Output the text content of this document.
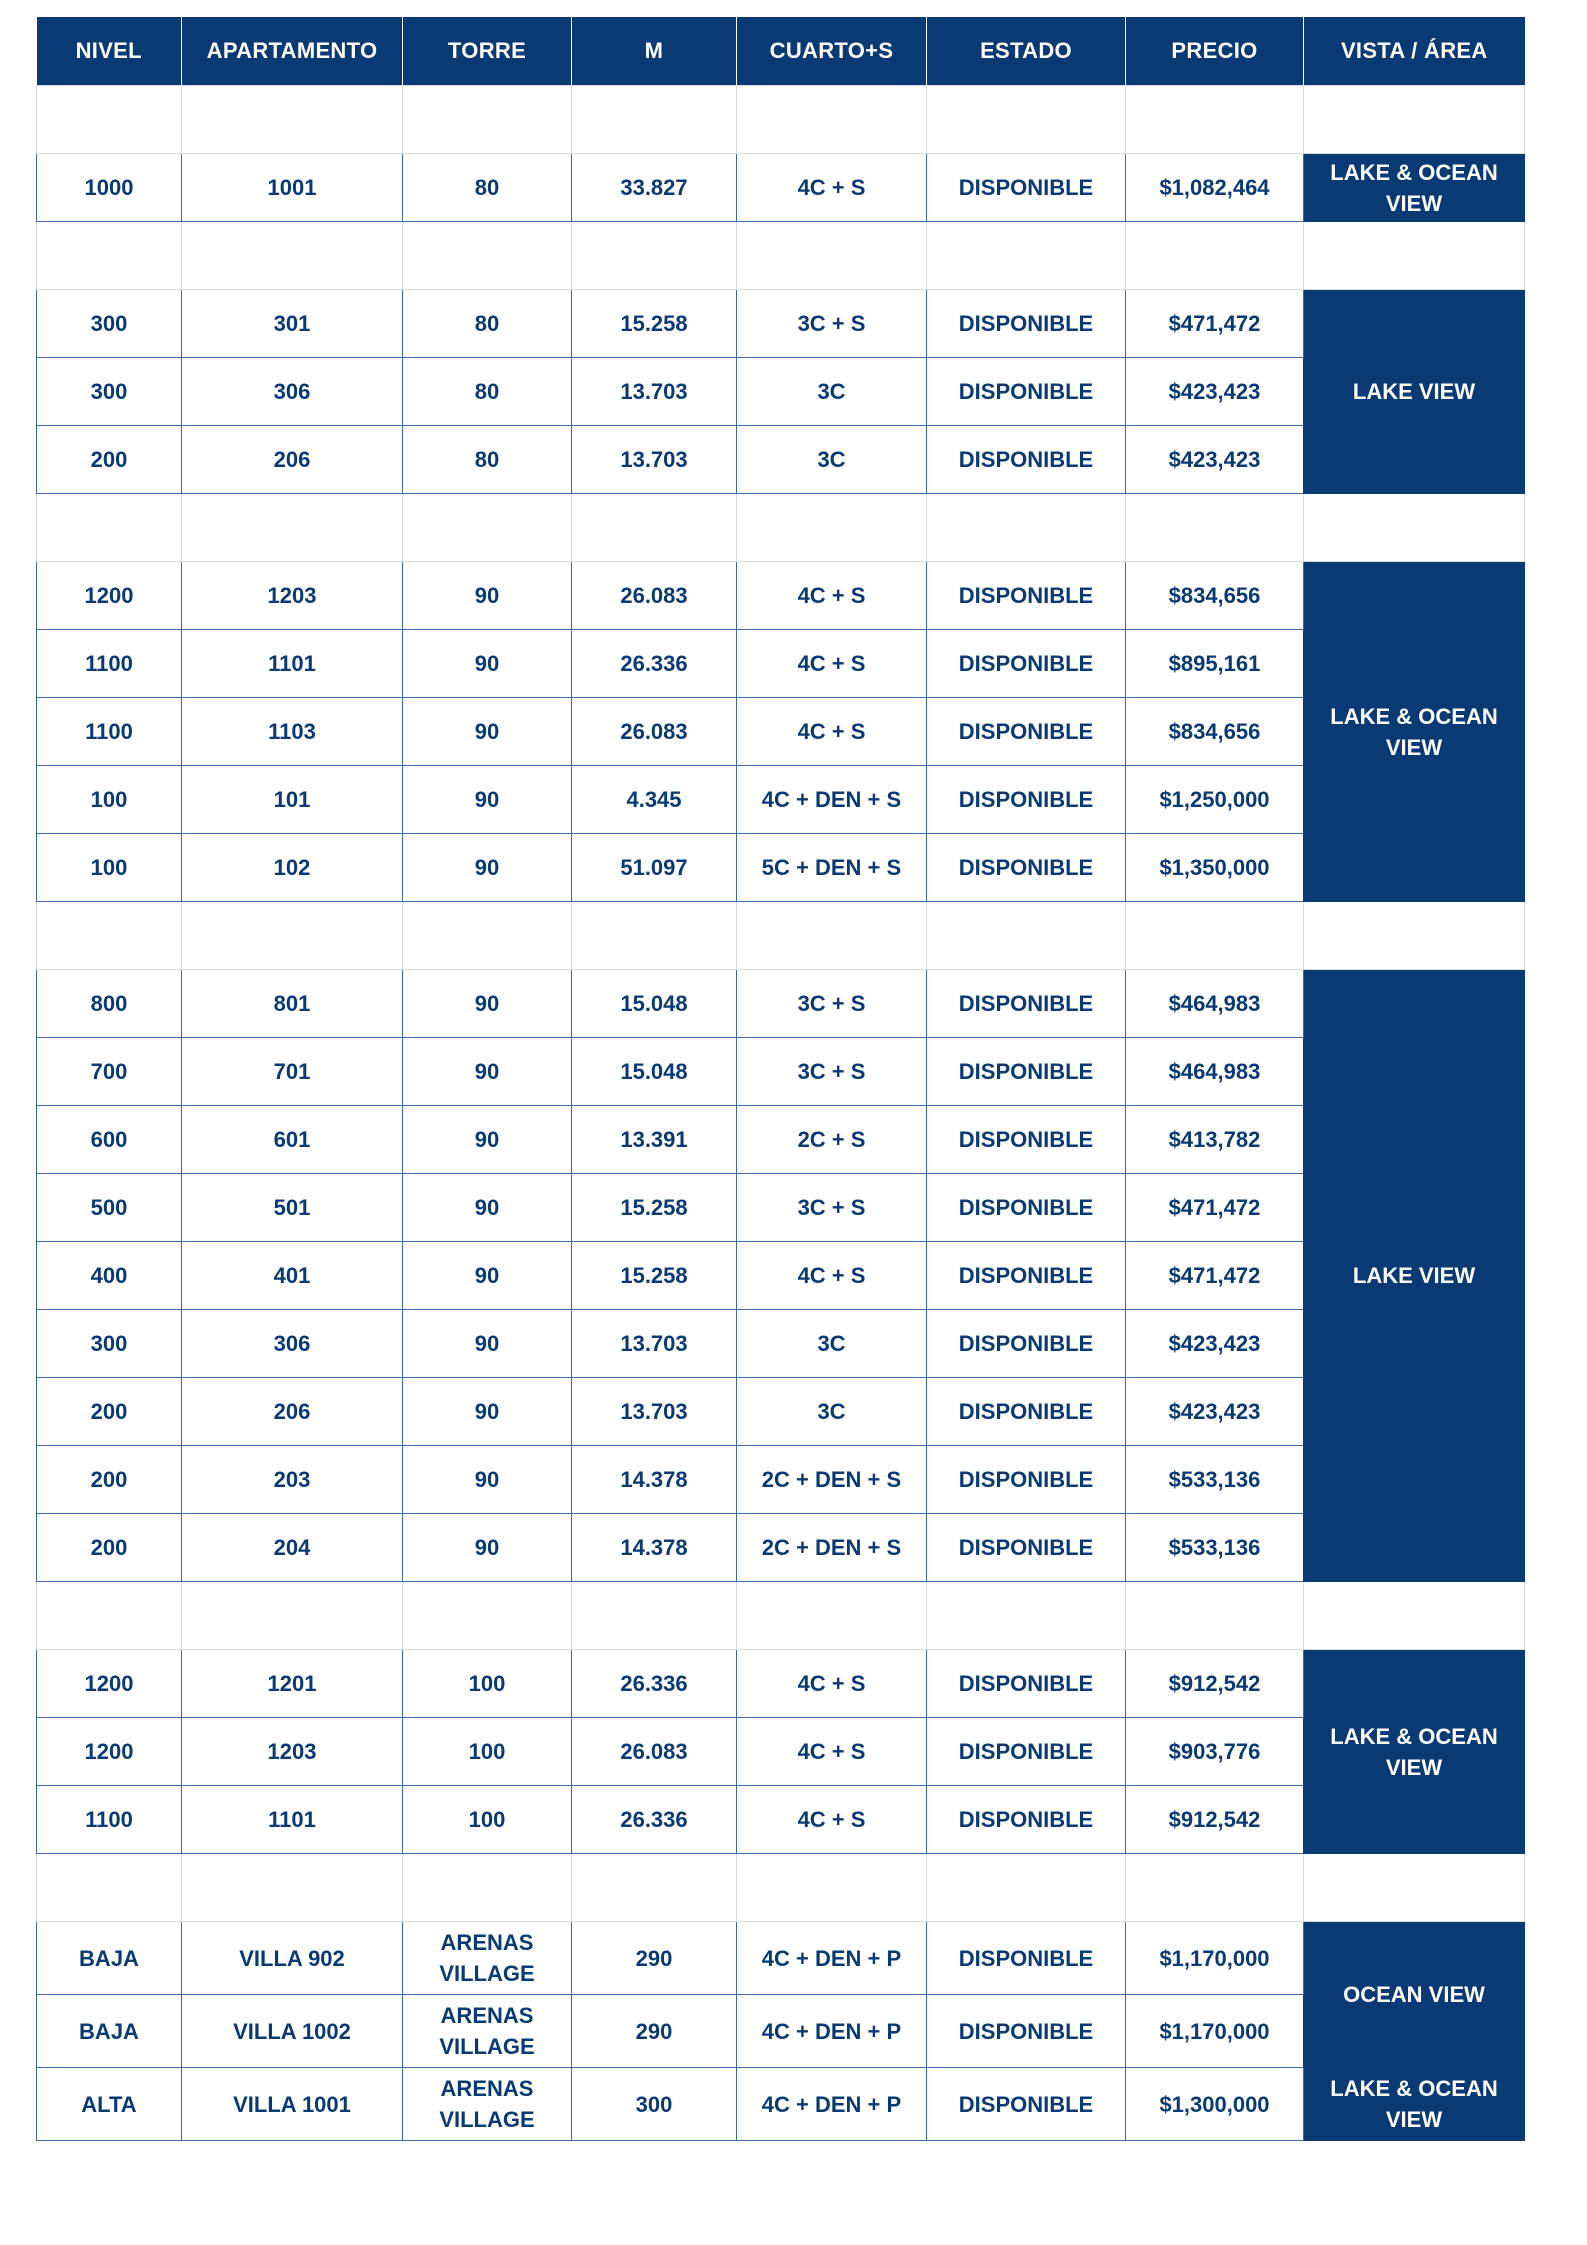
NIVEL	APARTAMENTO	TORRE	M	CUARTO+S	ESTADO	PRECIO	VISTA / ÁREA

1000	1001	80	33.827	4C + S	DISPONIBLE	$1,082,464	LAKE & OCEAN VIEW

300	301	80	15.258	3C + S	DISPONIBLE	$471,472	LAKE VIEW
300	306	80	13.703	3C	DISPONIBLE	$423,423	
200	206	80	13.703	3C	DISPONIBLE	$423,423	

1200	1203	90	26.083	4C + S	DISPONIBLE	$834,656	LAKE & OCEAN VIEW
1100	1101	90	26.336	4C + S	DISPONIBLE	$895,161	
1100	1103	90	26.083	4C + S	DISPONIBLE	$834,656	
100	101	90	4.345	4C + DEN + S	DISPONIBLE	$1,250,000	
100	102	90	51.097	5C + DEN + S	DISPONIBLE	$1,350,000	

800	801	90	15.048	3C + S	DISPONIBLE	$464,983	LAKE VIEW
700	701	90	15.048	3C + S	DISPONIBLE	$464,983	
600	601	90	13.391	2C + S	DISPONIBLE	$413,782	
500	501	90	15.258	3C + S	DISPONIBLE	$471,472	
400	401	90	15.258	4C + S	DISPONIBLE	$471,472	
300	306	90	13.703	3C	DISPONIBLE	$423,423	
200	206	90	13.703	3C	DISPONIBLE	$423,423	
200	203	90	14.378	2C + DEN + S	DISPONIBLE	$533,136	
200	204	90	14.378	2C + DEN + S	DISPONIBLE	$533,136	

1200	1201	100	26.336	4C + S	DISPONIBLE	$912,542	LAKE & OCEAN VIEW
1200	1203	100	26.083	4C + S	DISPONIBLE	$903,776	
1100	1101	100	26.336	4C + S	DISPONIBLE	$912,542	

BAJA	VILLA 902	ARENAS VILLAGE	290	4C + DEN + P	DISPONIBLE	$1,170,000	OCEAN VIEW
BAJA	VILLA 1002	ARENAS VILLAGE	290	4C + DEN + P	DISPONIBLE	$1,170,000	
ALTA	VILLA 1001	ARENAS VILLAGE	300	4C + DEN + P	DISPONIBLE	$1,300,000	LAKE & OCEAN VIEW
